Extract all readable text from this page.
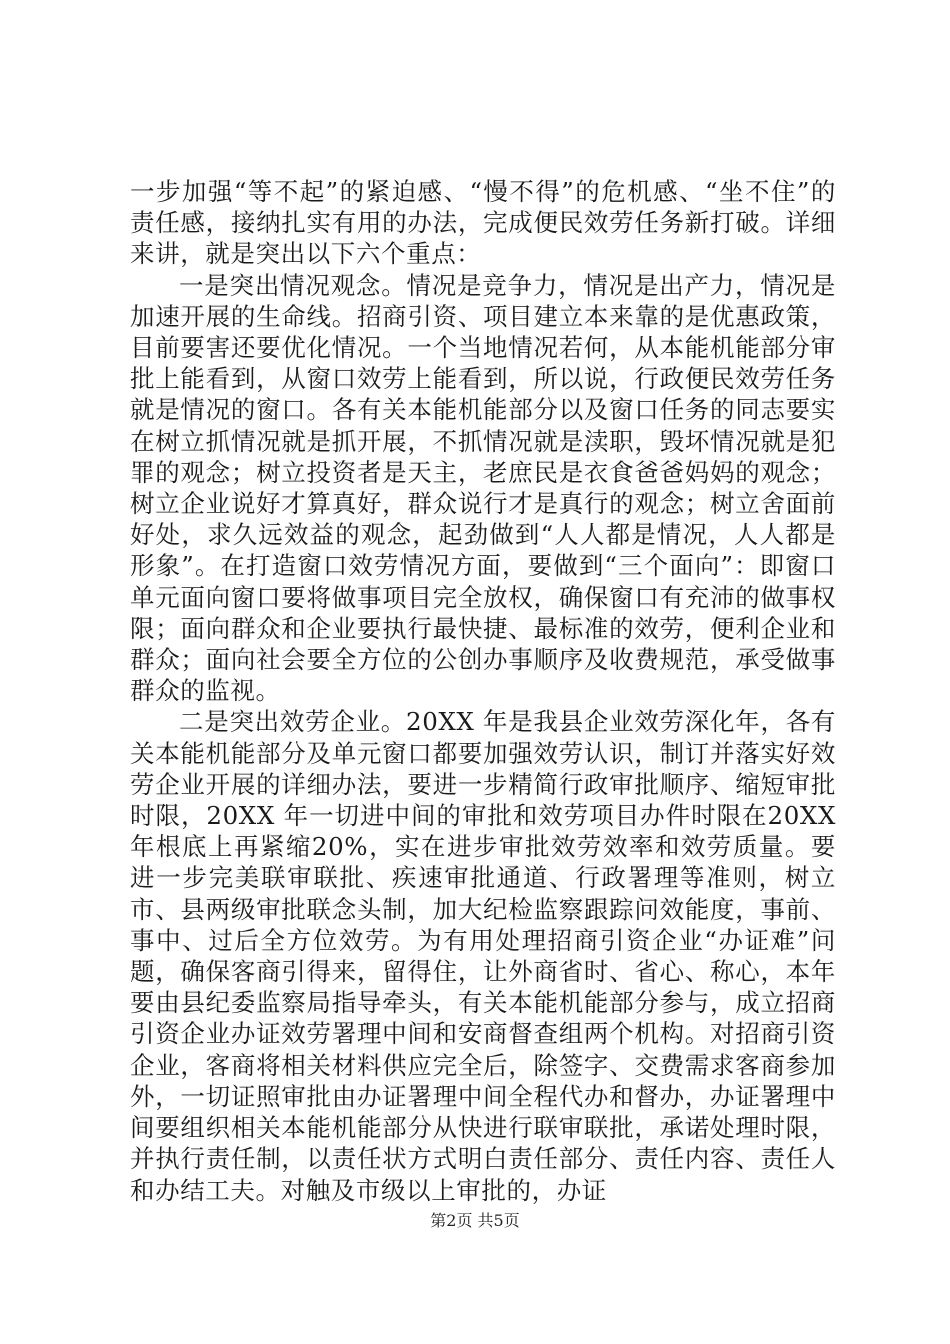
一步加强“等不起”的紧迫感、“慢不得”的危机感、“坐不住”的责任感，接纳扎实有用的办法，完成便民效劳任务新打破。详细来讲，就是突出以下六个重点：

一是突出情况观念。情况是竞争力，情况是出产力，情况是加速开展的生命线。招商引资、项目建立本来靠的是优惠政策，目前要害还要优化情况。一个当地情况若何，从本能机能部分审批上能看到，从窗口效劳上能看到，所以说，行政便民效劳任务就是情况的窗口。各有关本能机能部分以及窗口任务的同志要实在树立抓情况就是抓开展，不抓情况就是渎职，毁坏情况就是犯罪的观念；树立投资者是天主，老庶民是衣食爸爸妈妈的观念；树立企业说好才算真好，群众说行才是真行的观念；树立舍面前好处，求久远效益的观念，起劲做到“人人都是情况，人人都是形象”。在打造窗口效劳情况方面，要做到“三个面向”：即窗口单元面向窗口要将做事项目完全放权，确保窗口有充沛的做事权限；面向群众和企业要执行最快捷、最标准的效劳，便利企业和群众；面向社会要全方位的公创办事顺序及收费规范，承受做事群众的监视。

二是突出效劳企业。20XX 年是我县企业效劳深化年，各有关本能机能部分及单元窗口都要加强效劳认识，制订并落实好效劳企业开展的详细办法，要进一步精简行政审批顺序、缩短审批时限，20XX 年一切进中间的审批和效劳项目办件时限在20XX 年根底上再紧缩20%，实在进步审批效劳效率和效劳质量。要进一步完美联审联批、疾速审批通道、行政署理等准则，树立市、县两级审批联念头制，加大纪检监察跟踪问效能度，事前、事中、过后全方位效劳。为有用处理招商引资企业“办证难”问题，确保客商引得来，留得住，让外商省时、省心、称心，本年要由县纪委监察局指导牵头，有关本能机能部分参与，成立招商引资企业办证效劳署理中间和安商督查组两个机构。对招商引资企业，客商将相关材料供应完全后，除签字、交费需求客商参加外，一切证照审批由办证署理中间全程代办和督办，办证署理中间要组织相关本能机能部分从快进行联审联批，承诺处理时限，并执行责任制，以责任状方式明白责任部分、责任内容、责任人和办结工夫。对触及市级以上审批的，办证

第2页 共5页
